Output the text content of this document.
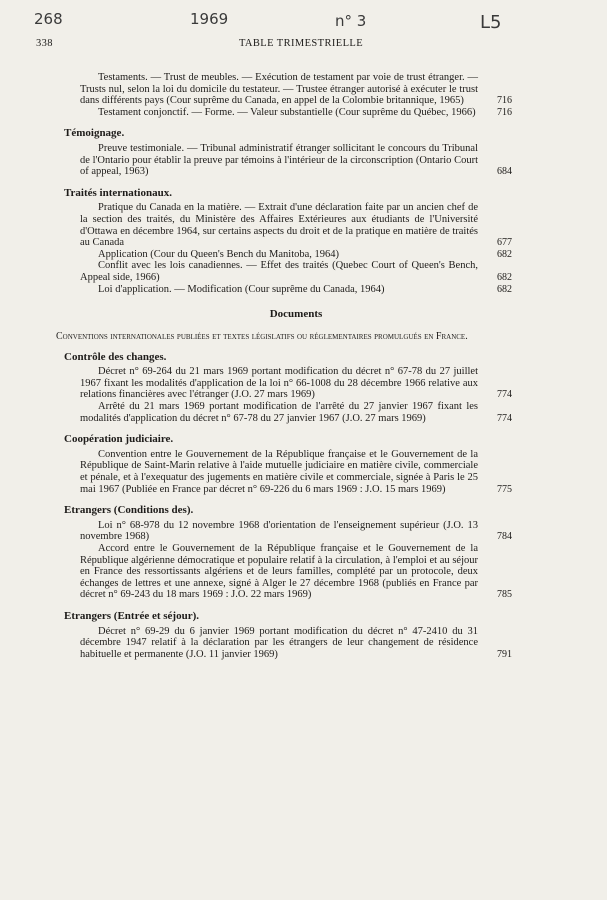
268	1969	n° 3	L5
338	TABLE TRIMESTRIELLE
Testaments. — Trust de meubles. — Exécution de testament par voie de trust étranger. — Trusts nul, selon la loi du domicile du testateur. — Trustee étranger autorisé à exécuter le trust dans différents pays (Cour suprême du Canada, en appel de la Colombie britannique, 1965)	716
Testament conjonctif. — Forme. — Valeur substantielle (Cour suprême du Québec, 1966)	716
Témoignage.
Preuve testimoniale. — Tribunal administratif étranger sollicitant le concours du Tribunal de l'Ontario pour établir la preuve par témoins à l'intérieur de la circonscription (Ontario Court of appeal, 1963)	684
Traités internationaux.
Pratique du Canada en la matière. — Extrait d'une déclaration faite par un ancien chef de la section des traités, du Ministère des Affaires Extérieures aux étudiants de l'Université d'Ottawa en décembre 1964, sur certains aspects du droit et de la pratique en matière de traités au Canada	677
Application (Cour du Queen's Bench du Manitoba, 1964)	682
Conflit avec les lois canadiennes. — Effet des traités (Quebec Court of Queen's Bench, Appeal side, 1966)	682
Loi d'application. — Modification (Cour suprême du Canada, 1964)	682
Documents
Conventions internationales publiées et textes législatifs ou réglementaires promulgués en France.
Contrôle des changes.
Décret n° 69-264 du 21 mars 1969 portant modification du décret n° 67-78 du 27 juillet 1967 fixant les modalités d'application de la loi n° 66-1008 du 28 décembre 1966 relative aux relations financières avec l'étranger (J.O. 27 mars 1969)	774
Arrêté du 21 mars 1969 portant modification de l'arrêté du 27 janvier 1967 fixant les modalités d'application du décret n° 67-78 du 27 janvier 1967 (J.O. 27 mars 1969)	774
Coopération judiciaire.
Convention entre le Gouvernement de la République française et le Gouvernement de la République de Saint-Marin relative à l'aide mutuelle judiciaire en matière civile, commerciale et pénale, et à l'exequatur des jugements en matière civile et commerciale, signée à Paris le 25 mai 1967 (Publiée en France par décret n° 69-226 du 6 mars 1969 : J.O. 15 mars 1969)	775
Etrangers (Conditions des).
Loi n° 68-978 du 12 novembre 1968 d'orientation de l'enseignement supérieur (J.O. 13 novembre 1968)	784
Accord entre le Gouvernement de la République française et le Gouvernement de la République algérienne démocratique et populaire relatif à la circulation, à l'emploi et au séjour en France des ressortissants algériens et de leurs familles, complété par un protocole, deux échanges de lettres et une annexe, signé à Alger le 27 décembre 1968 (publiés en France par décret n° 69-243 du 18 mars 1969 : J.O. 22 mars 1969)	785
Etrangers (Entrée et séjour).
Décret n° 69-29 du 6 janvier 1969 portant modification du décret n° 47-2410 du 31 décembre 1947 relatif à la déclaration par les étrangers de leur changement de résidence habituelle et permanente (J.O. 11 janvier 1969)	791
